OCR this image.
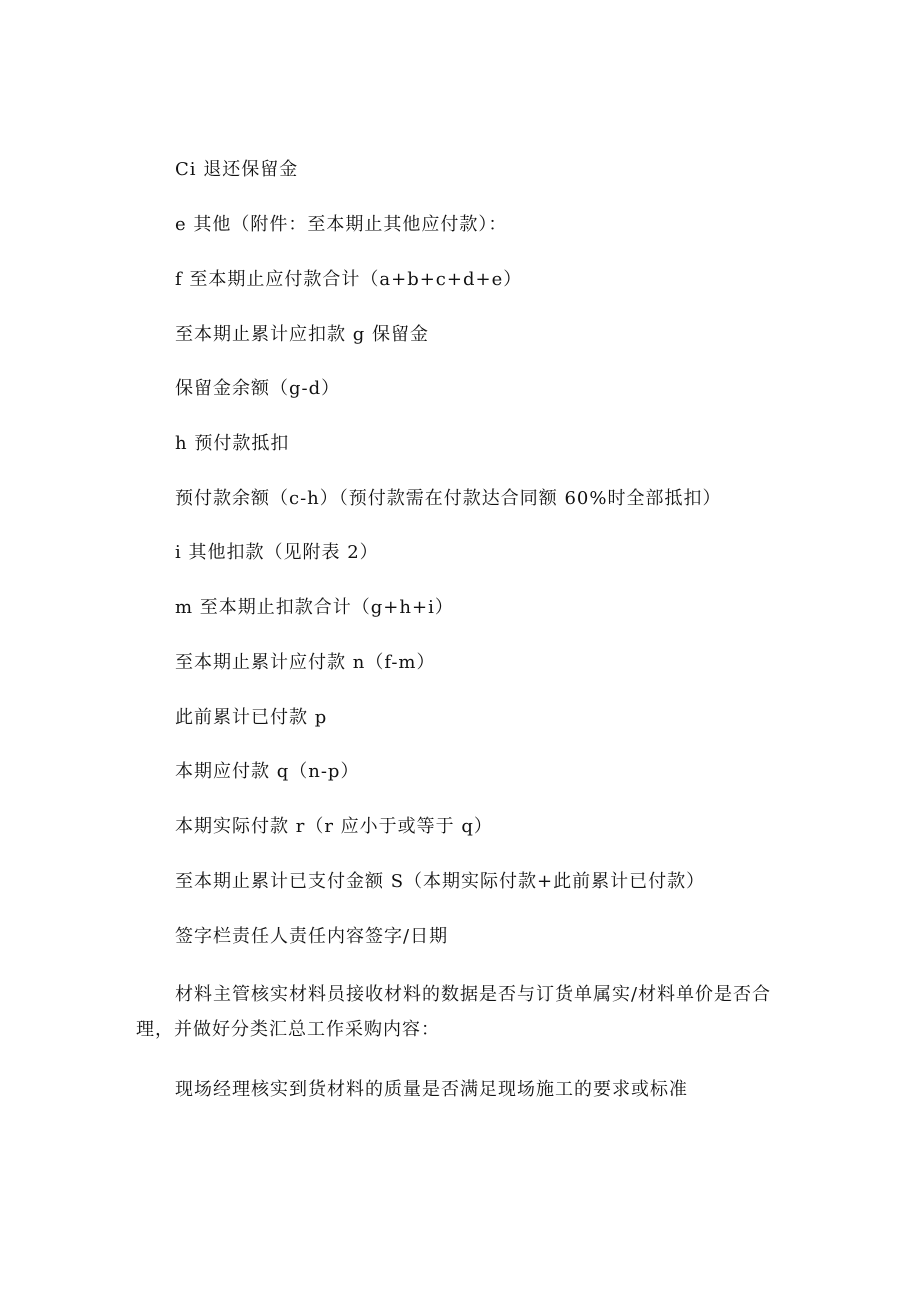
Ci 退还保留金
e 其他（附件：至本期止其他应付款）：
f 至本期止应付款合计（a+b+c+d+e）
至本期止累计应扣款 g 保留金
保留金余额（g-d）
h 预付款抵扣
预付款余额（c-h）（预付款需在付款达合同额 60%时全部抵扣）
i 其他扣款（见附表 2）
m 至本期止扣款合计（g+h+i）
至本期止累计应付款 n（f-m）
此前累计已付款 p
本期应付款 q（n-p）
本期实际付款 r（r 应小于或等于 q）
至本期止累计已支付金额 S（本期实际付款+此前累计已付款）
签字栏责任人责任内容签字/日期
材料主管核实材料员接收材料的数据是否与订货单属实/材料单价是否合理，并做好分类汇总工作采购内容：
现场经理核实到货材料的质量是否满足现场施工的要求或标准
